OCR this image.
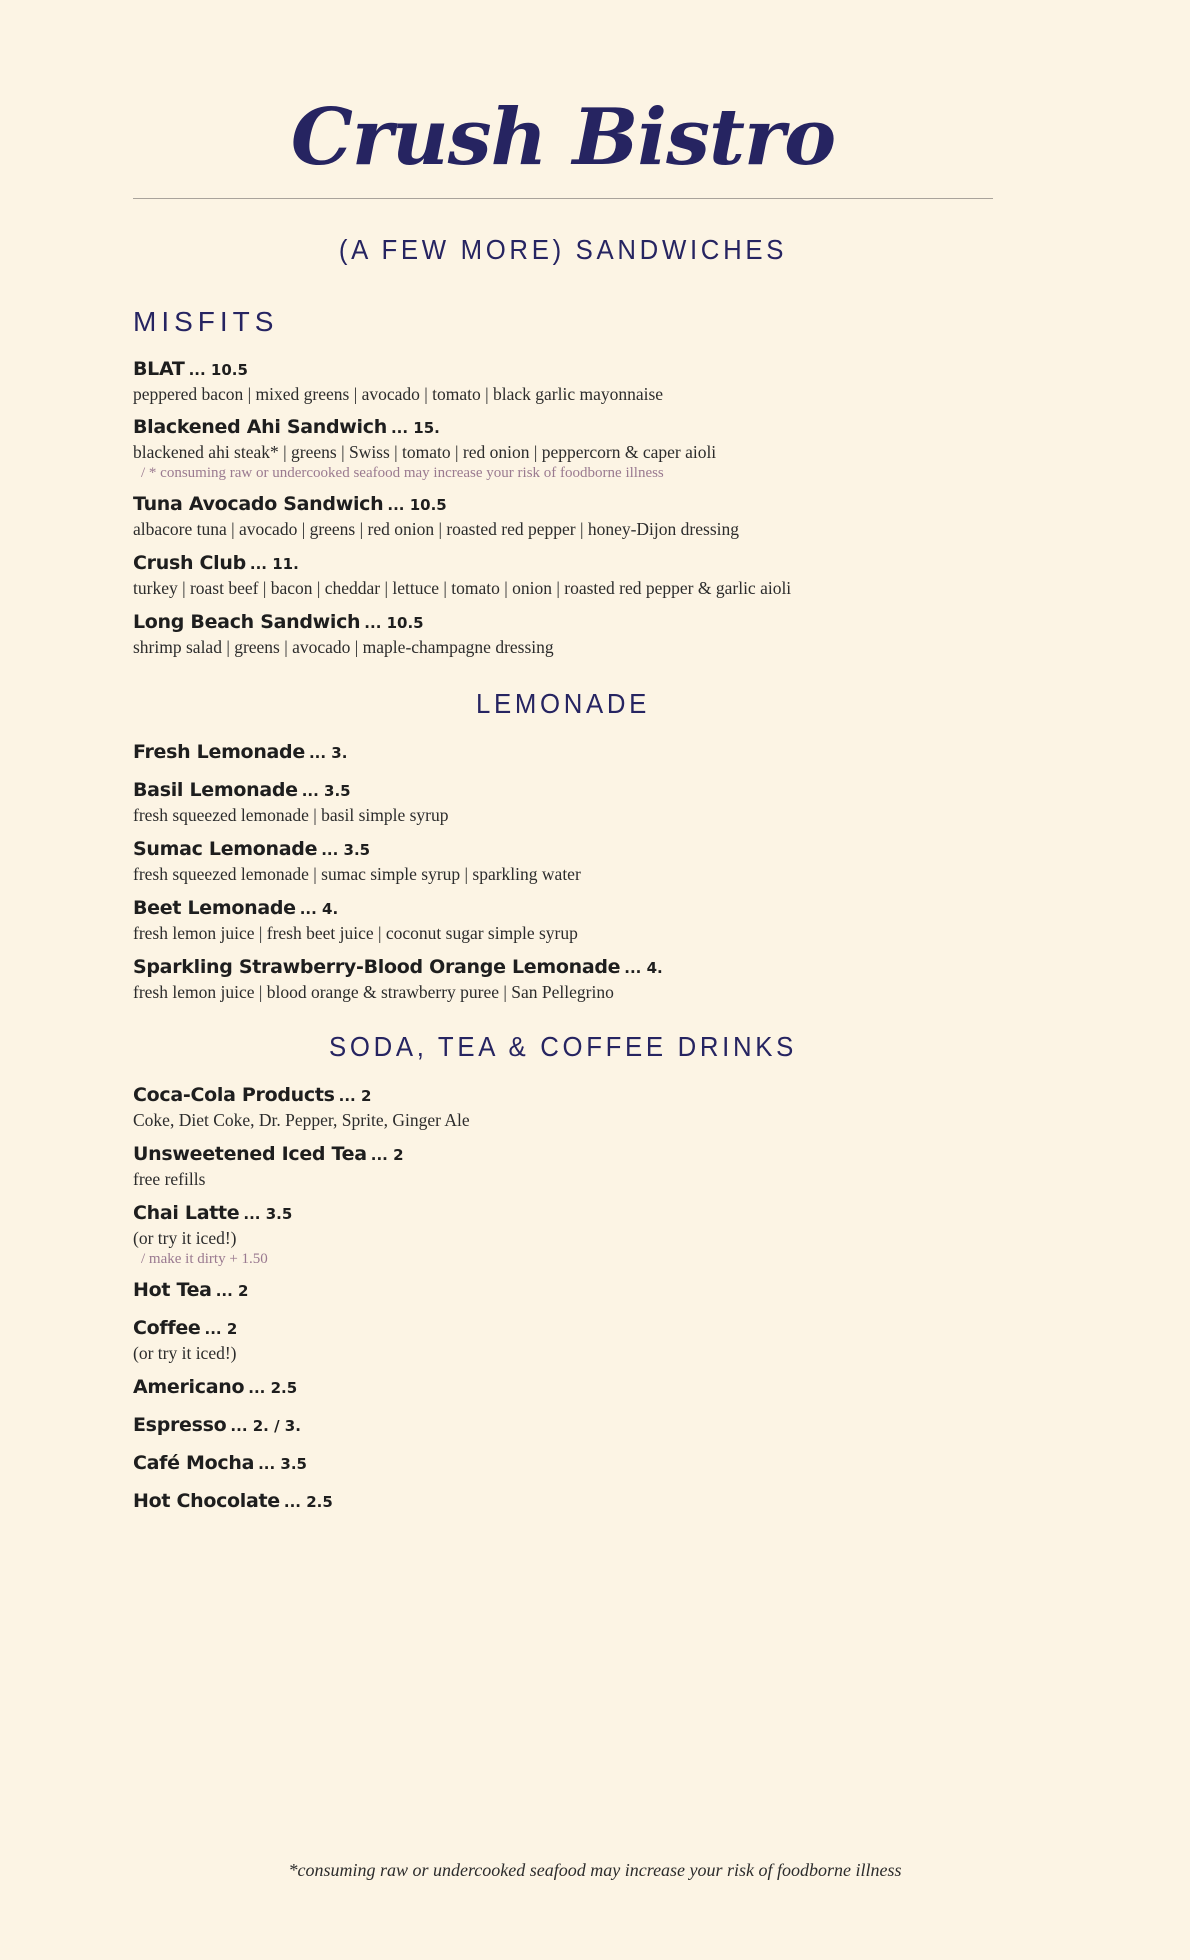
Crush Bistro
(A FEW MORE) SANDWICHES
MISFITS
BLAT ... 10.5
peppered bacon | mixed greens | avocado | tomato | black garlic mayonnaise
Blackened Ahi Sandwich ... 15.
blackened ahi steak* | greens | Swiss | tomato | red onion | peppercorn & caper aioli
/ * consuming raw or undercooked seafood may increase your risk of foodborne illness
Tuna Avocado Sandwich ... 10.5
albacore tuna | avocado | greens | red onion | roasted red pepper | honey-Dijon dressing
Crush Club ... 11.
turkey | roast beef | bacon | cheddar | lettuce | tomato | onion | roasted red pepper & garlic aioli
Long Beach Sandwich ... 10.5
shrimp salad | greens | avocado | maple-champagne dressing
LEMONADE
Fresh Lemonade ... 3.
Basil Lemonade ... 3.5
fresh squeezed lemonade | basil simple syrup
Sumac Lemonade ... 3.5
fresh squeezed lemonade | sumac simple syrup | sparkling water
Beet Lemonade ... 4.
fresh lemon juice | fresh beet juice | coconut sugar simple syrup
Sparkling Strawberry-Blood Orange Lemonade ... 4.
fresh lemon juice | blood orange & strawberry puree | San Pellegrino
SODA, TEA & COFFEE DRINKS
Coca-Cola Products ... 2
Coke, Diet Coke, Dr. Pepper, Sprite, Ginger Ale
Unsweetened Iced Tea ... 2
free refills
Chai Latte ... 3.5
(or try it iced!)
/ make it dirty + 1.50
Hot Tea ... 2
Coffee ... 2
(or try it iced!)
Americano ... 2.5
Espresso ... 2. / 3.
Café Mocha ... 3.5
Hot Chocolate ... 2.5
*consuming raw or undercooked seafood may increase your risk of foodborne illness
